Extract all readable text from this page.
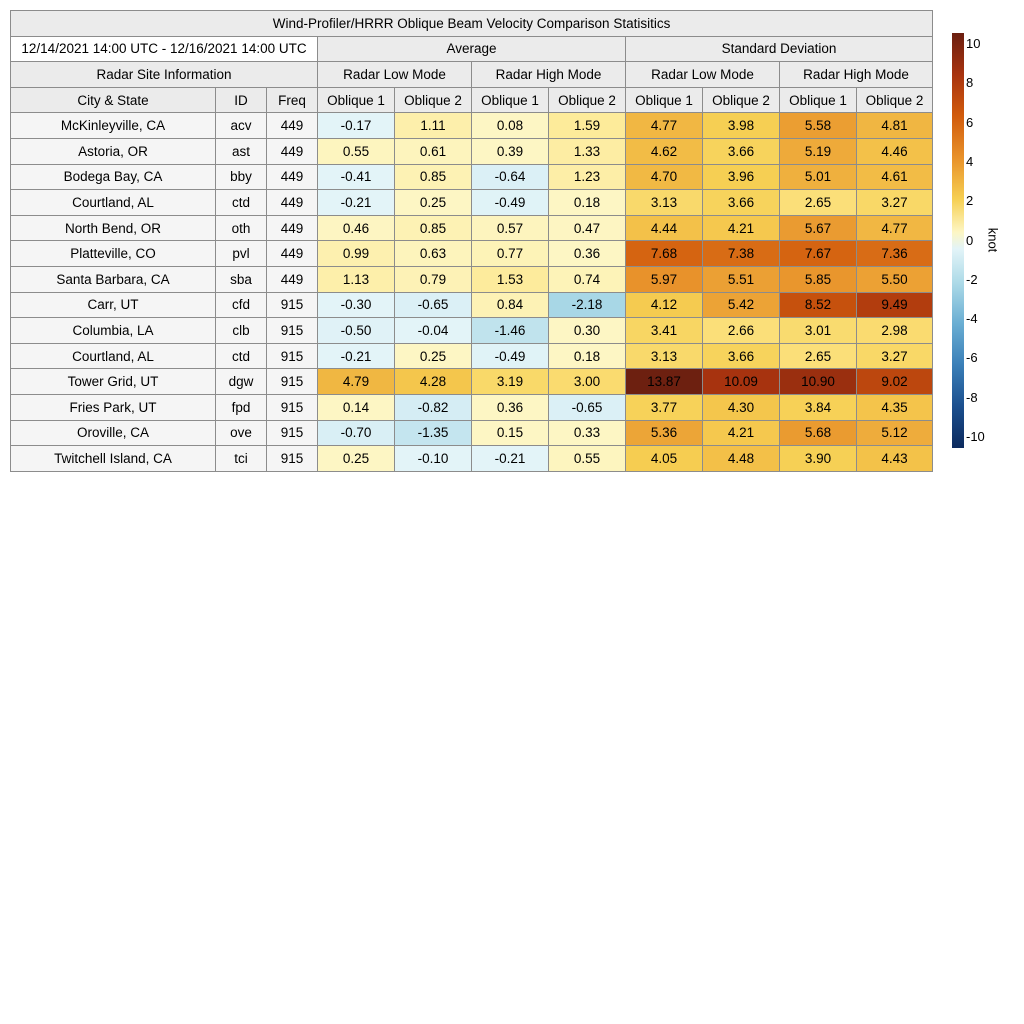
Wind-Profiler/HRRR Oblique Beam Velocity Comparison Statisitics										
12/14/2021 14:00 UTC - 12/16/2021 14:00 UTC			Average				Standard Deviation			
Radar Site Information			Radar Low Mode		Radar High Mode		Radar Low Mode		Radar High Mode	
City & State	ID	Freq	Oblique 1	Oblique 2	Oblique 1	Oblique 2	Oblique 1	Oblique 2	Oblique 1	Oblique 2
McKinleyville, CA	acv	449	-0.17	1.11	0.08	1.59	4.77	3.98	5.58	4.81
Astoria, OR	ast	449	0.55	0.61	0.39	1.33	4.62	3.66	5.19	4.46
Bodega Bay, CA	bby	449	-0.41	0.85	-0.64	1.23	4.70	3.96	5.01	4.61
Courtland, AL	ctd	449	-0.21	0.25	-0.49	0.18	3.13	3.66	2.65	3.27
North Bend, OR	oth	449	0.46	0.85	0.57	0.47	4.44	4.21	5.67	4.77
Platteville, CO	pvl	449	0.99	0.63	0.77	0.36	7.68	7.38	7.67	7.36
Santa Barbara, CA	sba	449	1.13	0.79	1.53	0.74	5.97	5.51	5.85	5.50
Carr, UT	cfd	915	-0.30	-0.65	0.84	-2.18	4.12	5.42	8.52	9.49
Columbia, LA	clb	915	-0.50	-0.04	-1.46	0.30	3.41	2.66	3.01	2.98
Courtland, AL	ctd	915	-0.21	0.25	-0.49	0.18	3.13	3.66	2.65	3.27
Tower Grid, UT	dgw	915	4.79	4.28	3.19	3.00	13.87	10.09	10.90	9.02
Fries Park, UT	fpd	915	0.14	-0.82	0.36	-0.65	3.77	4.30	3.84	4.35
Oroville, CA	ove	915	-0.70	-1.35	0.15	0.33	5.36	4.21	5.68	5.12
Twitchell Island, CA	tci	915	0.25	-0.10	-0.21	0.55	4.05	4.48	3.90	4.43
10
8
6
4
2
0
-2
-4
-6
-8
-10
knot
